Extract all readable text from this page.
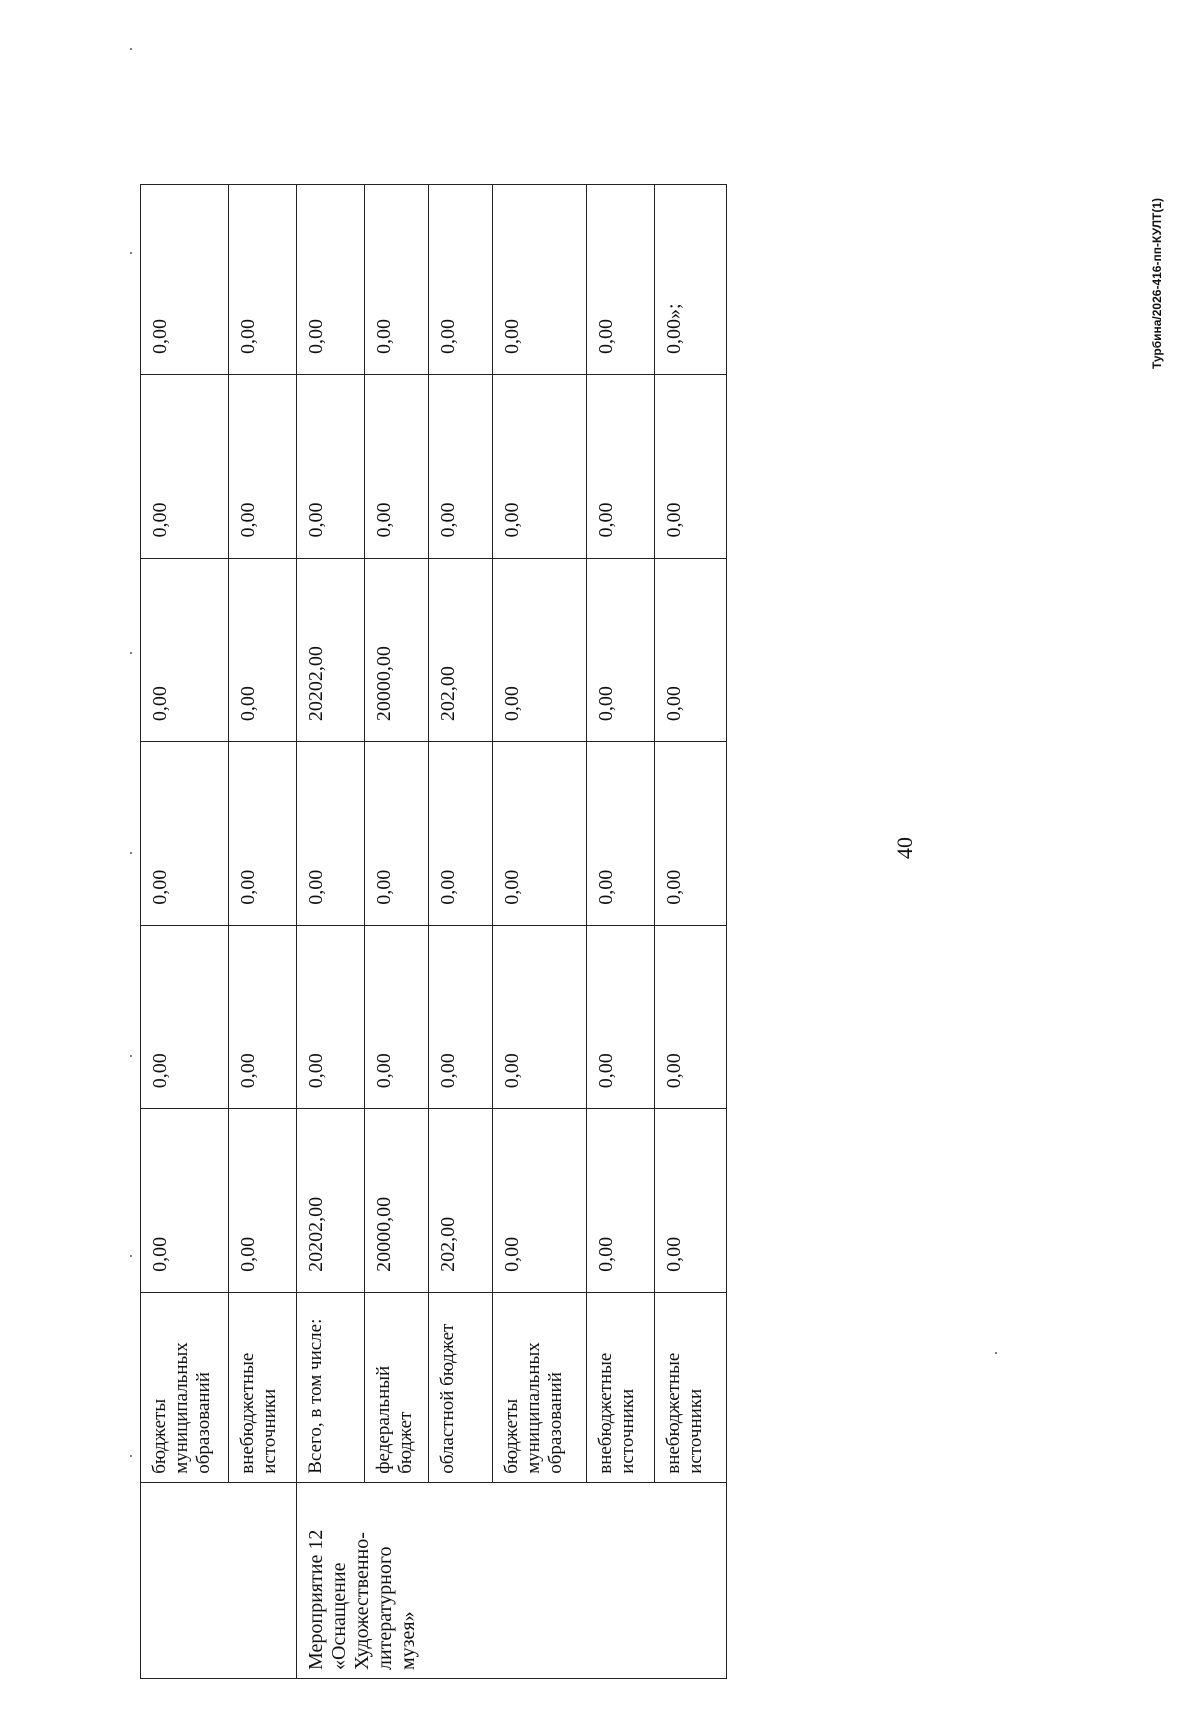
40
	бюджеты муниципальных образований	0,00	0,00	0,00	0,00	0,00	0,00
	внебюджетные источники	0,00	0,00	0,00	0,00	0,00	0,00
Мероприятие 12 «Оснащение Художественно-литературного музея»	Всего, в том числе:	20202,00	0,00	0,00	20202,00	0,00	0,00
	федеральный бюджет	20000,00	0,00	0,00	20000,00	0,00	0,00
	областной бюджет	202,00	0,00	0,00	202,00	0,00	0,00
	бюджеты муниципальных образований	0,00	0,00	0,00	0,00	0,00	0,00
	внебюджетные источники	0,00	0,00	0,00	0,00	0,00	0,00
	внебюджетные источники	0,00	0,00	0,00	0,00	0,00	0,00»;	Турбина/2026-416-пп-КУЛТ(1)
